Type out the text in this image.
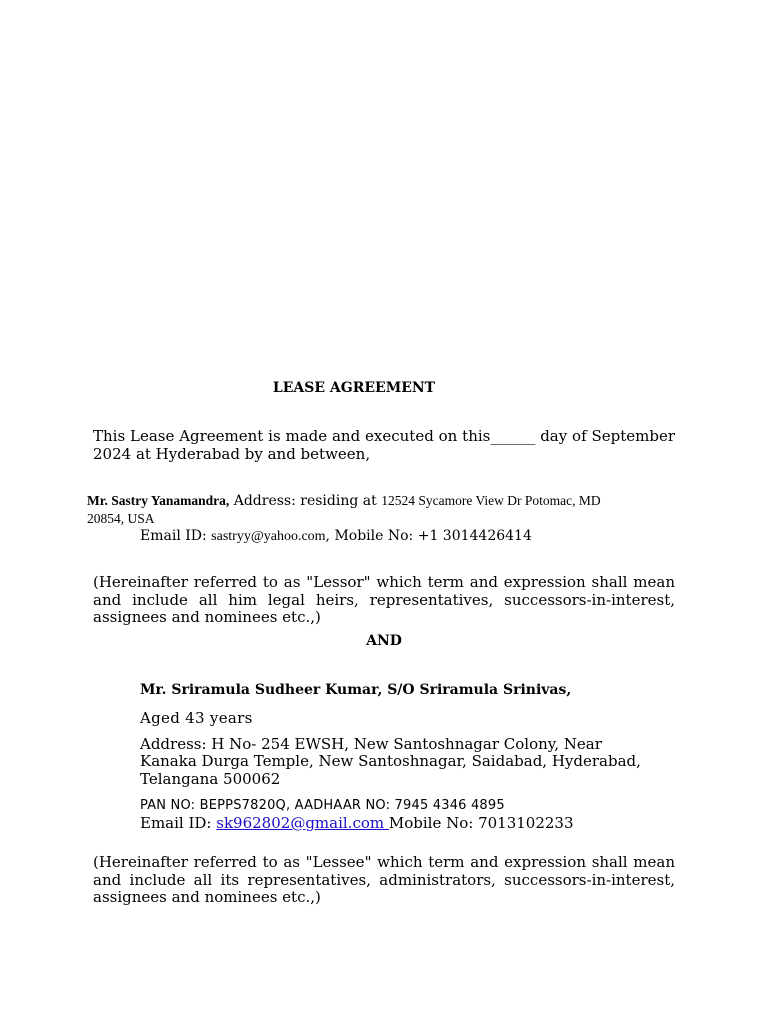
LEASE AGREEMENT
This Lease Agreement is made and executed on this______ day of September 2024 at Hyderabad by and between,
Mr. Sastry Yanamandra, Address: residing at 12524 Sycamore View Dr Potomac, MD
20854, USA
Email ID: sastryy@yahoo.com, Mobile No: +1 3014426414
(Hereinafter referred to as "Lessor" which term and expression shall mean and include all him legal heirs, representatives, successors-in-interest, assignees and nominees etc.,)
AND
Mr. Sriramula Sudheer Kumar, S/O Sriramula Srinivas,
Aged 43 years
Address: H No- 254 EWSH, New Santoshnagar Colony, Near Kanaka Durga Temple, New Santoshnagar, Saidabad, Hyderabad, Telangana 500062
PAN NO: BEPPS7820Q, AADHAAR NO: 7945 4346 4895
Email ID: sk962802@gmail.com Mobile No: 7013102233
(Hereinafter referred to as "Lessee" which term and expression shall mean and include all its representatives, administrators, successors-in-interest, assignees and nominees etc.,)
